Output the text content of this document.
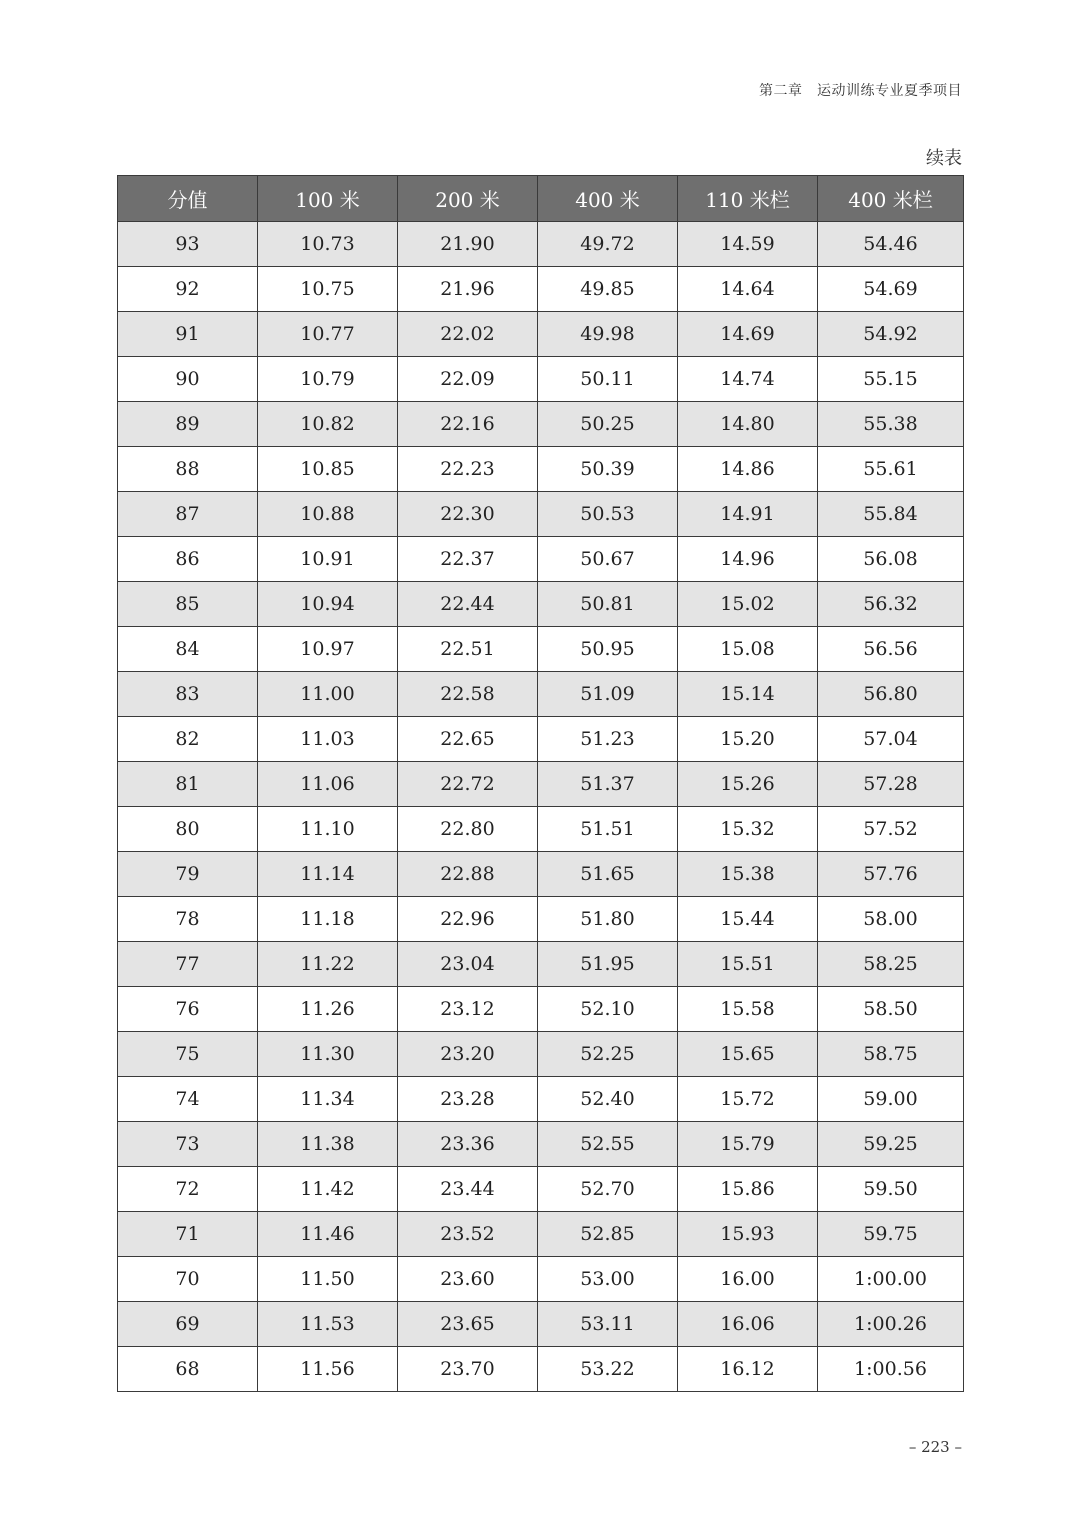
第二章　运动训练专业夏季项目
续表
分值	100 米	200 米	400 米	110 米栏	400 米栏
93	10.73	21.90	49.72	14.59	54.46
92	10.75	21.96	49.85	14.64	54.69
91	10.77	22.02	49.98	14.69	54.92
90	10.79	22.09	50.11	14.74	55.15
89	10.82	22.16	50.25	14.80	55.38
88	10.85	22.23	50.39	14.86	55.61
87	10.88	22.30	50.53	14.91	55.84
86	10.91	22.37	50.67	14.96	56.08
85	10.94	22.44	50.81	15.02	56.32
84	10.97	22.51	50.95	15.08	56.56
83	11.00	22.58	51.09	15.14	56.80
82	11.03	22.65	51.23	15.20	57.04
81	11.06	22.72	51.37	15.26	57.28
80	11.10	22.80	51.51	15.32	57.52
79	11.14	22.88	51.65	15.38	57.76
78	11.18	22.96	51.80	15.44	58.00
77	11.22	23.04	51.95	15.51	58.25
76	11.26	23.12	52.10	15.58	58.50
75	11.30	23.20	52.25	15.65	58.75
74	11.34	23.28	52.40	15.72	59.00
73	11.38	23.36	52.55	15.79	59.25
72	11.42	23.44	52.70	15.86	59.50
71	11.46	23.52	52.85	15.93	59.75
70	11.50	23.60	53.00	16.00	1:00.00
69	11.53	23.65	53.11	16.06	1:00.26
68	11.56	23.70	53.22	16.12	1:00.56
– 223 –
